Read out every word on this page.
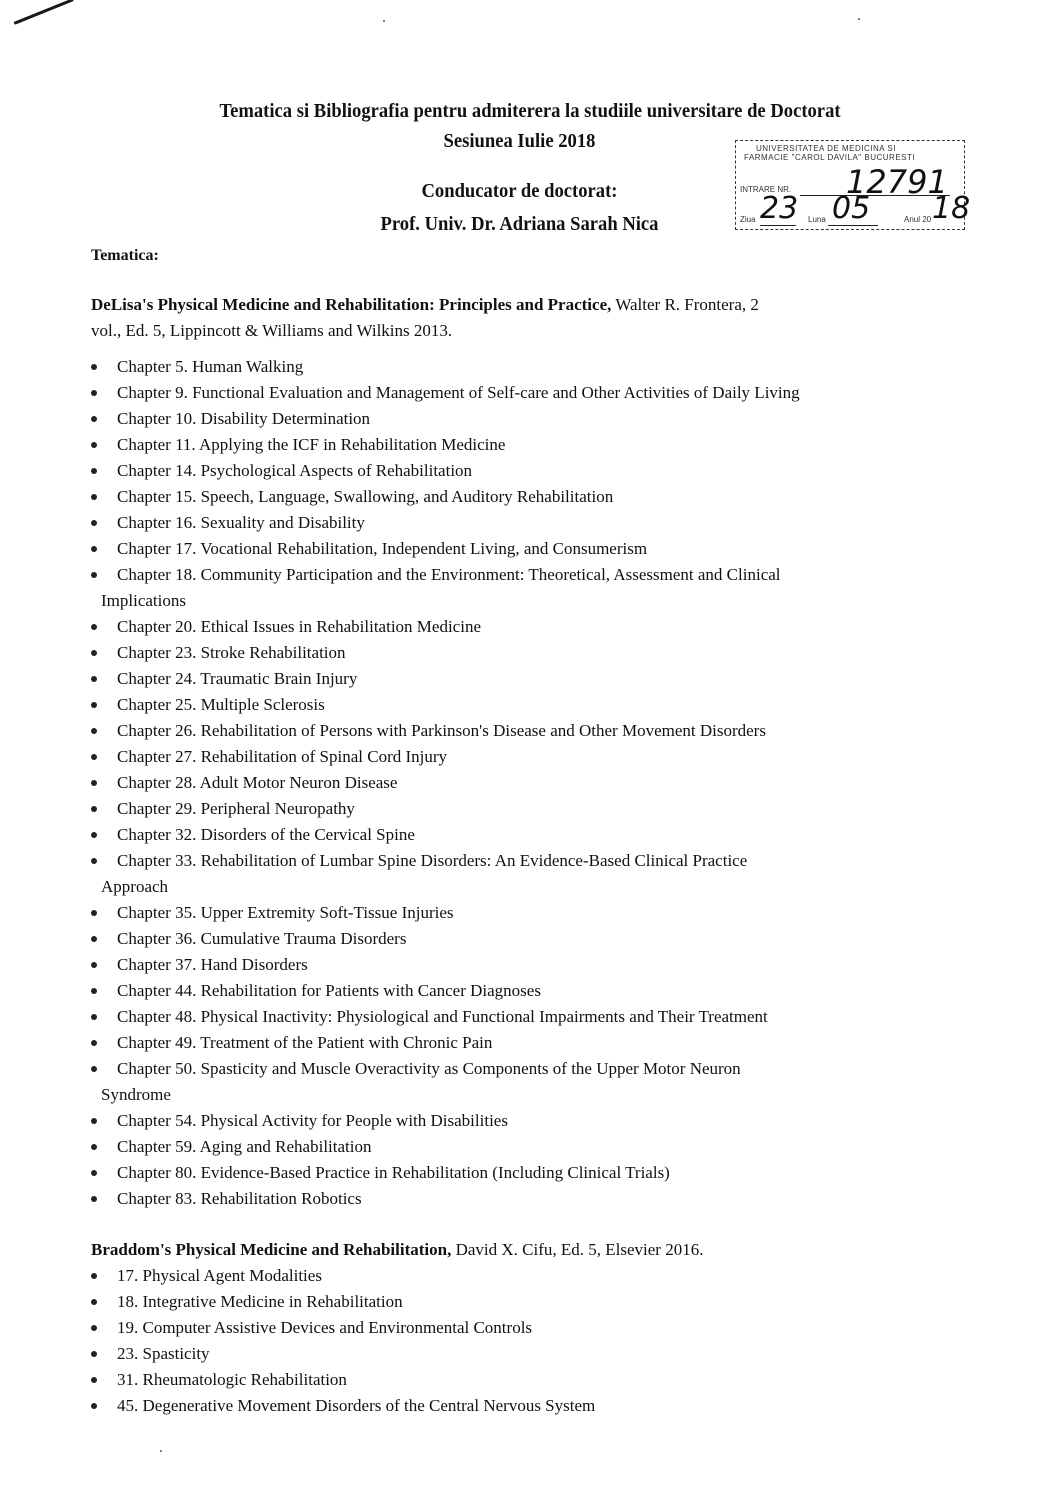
Tematica si Bibliografia pentru admiterera la studiile universitare de Doctorat
Sesiunea Iulie 2018
Conducator de doctorat:
Prof. Univ. Dr. Adriana Sarah Nica
UNIVERSITATEA DE MEDICINA SI
FARMACIE "CAROL DAVILA" BUCURESTI
INTRARE NR. 12791
Ziua 23 Luna 05	Anul 20 18
Tematica:
DeLisa's Physical Medicine and Rehabilitation: Principles and Practice, Walter R. Frontera, 2
vol., Ed. 5, Lippincott & Williams and Wilkins 2013.
Chapter 5. Human Walking
Chapter 9. Functional Evaluation and Management of Self-care and Other Activities of Daily Living
Chapter 10. Disability Determination
Chapter 11. Applying the ICF in Rehabilitation Medicine
Chapter 14. Psychological Aspects of Rehabilitation
Chapter 15. Speech, Language, Swallowing, and Auditory Rehabilitation
Chapter 16. Sexuality and Disability
Chapter 17. Vocational Rehabilitation, Independent Living, and Consumerism
Chapter 18. Community Participation and the Environment: Theoretical, Assessment and Clinical
Implications
Chapter 20. Ethical Issues in Rehabilitation Medicine
Chapter 23. Stroke Rehabilitation
Chapter 24. Traumatic Brain Injury
Chapter 25. Multiple Sclerosis
Chapter 26. Rehabilitation of Persons with Parkinson's Disease and Other Movement Disorders
Chapter 27. Rehabilitation of Spinal Cord Injury
Chapter 28. Adult Motor Neuron Disease
Chapter 29. Peripheral Neuropathy
Chapter 32. Disorders of the Cervical Spine
Chapter 33. Rehabilitation of Lumbar Spine Disorders: An Evidence-Based Clinical Practice
Approach
Chapter 35. Upper Extremity Soft-Tissue Injuries
Chapter 36. Cumulative Trauma Disorders
Chapter 37. Hand Disorders
Chapter 44. Rehabilitation for Patients with Cancer Diagnoses
Chapter 48. Physical Inactivity: Physiological and Functional Impairments and Their Treatment
Chapter 49. Treatment of the Patient with Chronic Pain
Chapter 50. Spasticity and Muscle Overactivity as Components of the Upper Motor Neuron
Syndrome
Chapter 54. Physical Activity for People with Disabilities
Chapter 59. Aging and Rehabilitation
Chapter 80. Evidence-Based Practice in Rehabilitation (Including Clinical Trials)
Chapter 83. Rehabilitation Robotics
Braddom's Physical Medicine and Rehabilitation, David X. Cifu, Ed. 5, Elsevier 2016.
17. Physical Agent Modalities
18. Integrative Medicine in Rehabilitation
19. Computer Assistive Devices and Environmental Controls
23. Spasticity
31. Rheumatologic Rehabilitation
45. Degenerative Movement Disorders of the Central Nervous System
